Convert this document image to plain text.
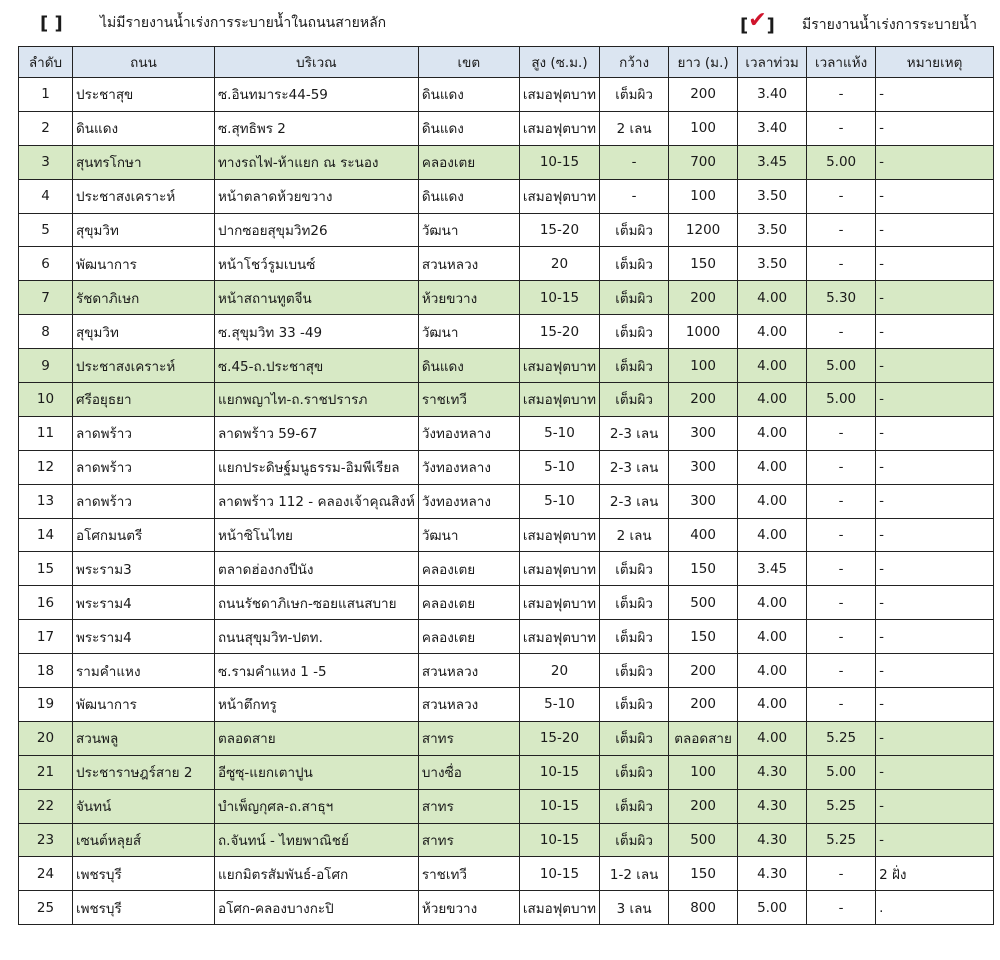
[ ]	ไม่มีรายงานน้ำเร่งการระบายน้ำในถนนสายหลัก	[✔]	มีรายงานน้ำเร่งการระบายน้ำ
ลำดับ	ถนน	บริเวณ	เขต	สูง (ซ.ม.)	กว้าง	ยาว (ม.)	เวลาท่วม	เวลาแห้ง	หมายเหตุ
1	ประชาสุข	ซ.อินทมาระ44-59	ดินแดง	เสมอฟุตบาท	เต็มผิว	200	3.40	-	-
2	ดินแดง	ซ.สุทธิพร 2	ดินแดง	เสมอฟุตบาท	2 เลน	100	3.40	-	-
3	สุนทรโกษา	ทางรถไฟ-ห้าแยก ณ ระนอง	คลองเตย	10-15	-	700	3.45	5.00	-
4	ประชาสงเคราะห์	หน้าตลาดห้วยขวาง	ดินแดง	เสมอฟุตบาท	-	100	3.50	-	-
5	สุขุมวิท	ปากซอยสุขุมวิท26	วัฒนา	15-20	เต็มผิว	1200	3.50	-	-
6	พัฒนาการ	หน้าโชว์รูมเบนซ์	สวนหลวง	20	เต็มผิว	150	3.50	-	-
7	รัชดาภิเษก	หน้าสถานทูตจีน	ห้วยขวาง	10-15	เต็มผิว	200	4.00	5.30	-
8	สุขุมวิท	ซ.สุขุมวิท 33 -49	วัฒนา	15-20	เต็มผิว	1000	4.00	-	-
9	ประชาสงเคราะห์	ซ.45-ถ.ประชาสุข	ดินแดง	เสมอฟุตบาท	เต็มผิว	100	4.00	5.00	-
10	ศรีอยุธยา	แยกพญาไท-ถ.ราชปรารภ	ราชเทวี	เสมอฟุตบาท	เต็มผิว	200	4.00	5.00	-
11	ลาดพร้าว	ลาดพร้าว 59-67	วังทองหลาง	5-10	2-3 เลน	300	4.00	-	-
12	ลาดพร้าว	แยกประดิษฐ์มนูธรรม-อิมพีเรียล	วังทองหลาง	5-10	2-3 เลน	300	4.00	-	-
13	ลาดพร้าว	ลาดพร้าว 112 - คลองเจ้าคุณสิงห์	วังทองหลาง	5-10	2-3 เลน	300	4.00	-	-
14	อโศกมนตรี	หน้าซิโนไทย	วัฒนา	เสมอฟุตบาท	2 เลน	400	4.00	-	-
15	พระราม3	ตลาดฮ่องกงปีนัง	คลองเตย	เสมอฟุตบาท	เต็มผิว	150	3.45	-	-
16	พระราม4	ถนนรัชดาภิเษก-ซอยแสนสบาย	คลองเตย	เสมอฟุตบาท	เต็มผิว	500	4.00	-	-
17	พระราม4	ถนนสุขุมวิท-ปตท.	คลองเตย	เสมอฟุตบาท	เต็มผิว	150	4.00	-	-
18	รามคำแหง	ซ.รามคำแหง 1 -5	สวนหลวง	20	เต็มผิว	200	4.00	-	-
19	พัฒนาการ	หน้าตึกทรู	สวนหลวง	5-10	เต็มผิว	200	4.00	-	-
20	สวนพลู	ตลอดสาย	สาทร	15-20	เต็มผิว	ตลอดสาย	4.00	5.25	-
21	ประชาราษฎร์สาย 2	อีซูซุ-แยกเตาปูน	บางซื่อ	10-15	เต็มผิว	100	4.30	5.00	-
22	จันทน์	บำเพ็ญกุศล-ถ.สาธุฯ	สาทร	10-15	เต็มผิว	200	4.30	5.25	-
23	เซนต์หลุยส์	ถ.จันทน์ - ไทยพาณิชย์	สาทร	10-15	เต็มผิว	500	4.30	5.25	-
24	เพชรบุรี	แยกมิตรสัมพันธ์-อโศก	ราชเทวี	10-15	1-2 เลน	150	4.30	-	2 ฝั่ง
25	เพชรบุรี	อโศก-คลองบางกะปิ	ห้วยขวาง	เสมอฟุตบาท	3 เลน	800	5.00	-	.
